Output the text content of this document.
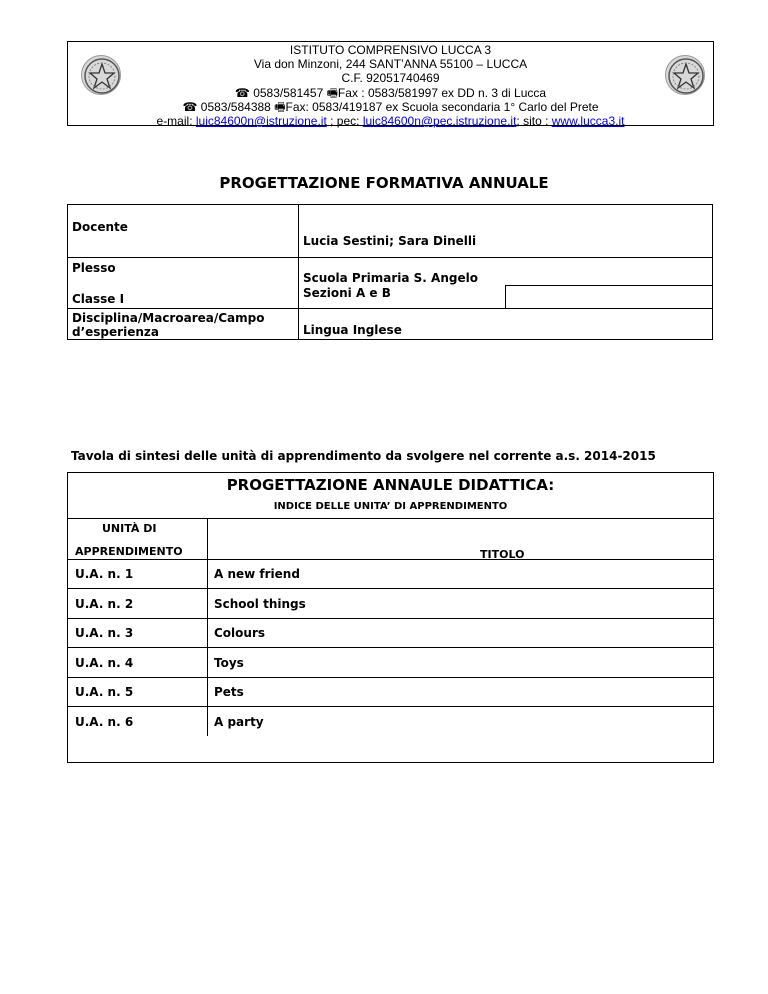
ISTITUTO COMPRENSIVO LUCCA 3
Via don Minzoni, 244 SANT’ANNA 55100 – LUCCA
C.F. 92051740469
☎ 0583/581457 🖷Fax : 0583/581997 ex DD n. 3 di Lucca
☎ 0583/584388 🖷Fax: 0583/419187 ex Scuola secondaria 1° Carlo del Prete
e-mail: luic84600n@istruzione.it ; pec: luic84600n@pec.istruzione.it; sito : www.lucca3.it
PROGETTAZIONE FORMATIVA ANNUALE
Docente	Lucia Sestini; Sara Dinelli	
Plesso	Scuola Primaria S. Angelo	
Classe I	Sezioni A e B	

Disciplina/Macroarea/Campo
d’esperienza	Lingua Inglese	
Tavola di sintesi delle unità di apprendimento da svolgere nel corrente a.s. 2014-2015
PROGETTAZIONE ANNAULE DIDATTICA:
INDICE DELLE UNITA’ DI APPRENDIMENTO
UNITÀ DI
APPRENDIMENTO	TITOLO
U.A. n. 1	A new friend
U.A. n. 2	School things
U.A. n. 3	Colours
U.A. n. 4	Toys
U.A. n. 5	Pets
U.A. n. 6	A party
